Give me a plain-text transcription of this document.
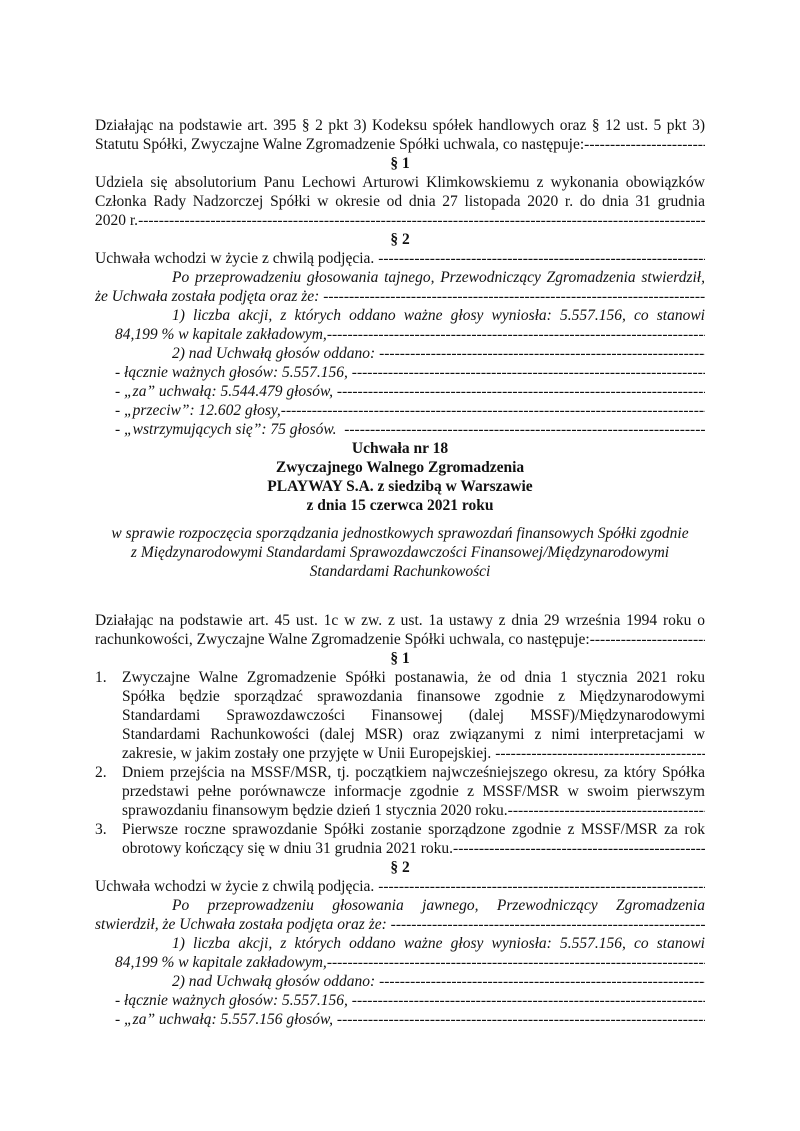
Działając na podstawie art. 395 § 2 pkt 3) Kodeksu spółek handlowych oraz § 12 ust. 5 pkt 3)
Statutu Spółki, Zwyczajne Walne Zgromadzenie Spółki uchwala, co następuje:
-----
§ 1
Udziela się absolutorium Panu Lechowi Arturowi Klimkowskiemu z wykonania obowiązków
Członka Rady Nadzorczej Spółki w okresie od dnia 27 listopada 2020 r. do dnia 31 grudnia
2020 r.
-----
§ 2
Uchwała wchodzi w życie z chwilą podjęcia.

-----
Po przeprowadzeniu głosowania tajnego, Przewodniczący Zgromadzenia stwierdził,
że Uchwała została podjęta oraz że:

-----
1) liczba akcji, z których oddano ważne głosy wyniosła: 5.557.156, co stanowi
84,199 % w kapitale zakładowym,
-----
2) nad Uchwałą głosów oddano:

-----
- łącznie ważnych głosów: 5.557.156,

-----
- „za” uchwałą: 5.544.479 głosów,

-----
- „przeciw”: 12.602 głosy,
-----
- „wstrzymujących się”: 75 głosów.

-----
Uchwała nr 18
Zwyczajnego Walnego Zgromadzenia
PLAYWAY S.A. z siedzibą w Warszawie
z dnia 15 czerwca 2021 roku
w sprawie rozpoczęcia sporządzania jednostkowych sprawozdań finansowych Spółki zgodnie
z Międzynarodowymi Standardami Sprawozdawczości Finansowej/Międzynarodowymi
Standardami Rachunkowości
Działając na podstawie art. 45 ust. 1c w zw. z ust. 1a ustawy z dnia 29 września 1994 roku o
rachunkowości, Zwyczajne Walne Zgromadzenie Spółki uchwala, co następuje:
-----
§ 1
1. Zwyczajne Walne Zgromadzenie Spółki postanawia, że od dnia 1 stycznia 2021 roku
Spółka będzie sporządzać sprawozdania finansowe zgodnie z Międzynarodowymi
Standardami Sprawozdawczości Finansowej (dalej MSSF)/Międzynarodowymi
Standardami Rachunkowości (dalej MSR) oraz związanymi z nimi interpretacjami w
zakresie, w jakim zostały one przyjęte w Unii Europejskiej.

-----
2. Dniem przejścia na MSSF/MSR, tj. początkiem najwcześniejszego okresu, za który Spółka
przedstawi pełne porównawcze informacje zgodnie z MSSF/MSR w swoim pierwszym
sprawozdaniu finansowym będzie dzień 1 stycznia 2020 roku.
-----
3. Pierwsze roczne sprawozdanie Spółki zostanie sporządzone zgodnie z MSSF/MSR za rok
obrotowy kończący się w dniu 31 grudnia 2021 roku.
-----
§ 2
Uchwała wchodzi w życie z chwilą podjęcia.

-----
Po przeprowadzeniu głosowania jawnego, Przewodniczący Zgromadzenia
stwierdził, że Uchwała została podjęta oraz że:

-----
1) liczba akcji, z których oddano ważne głosy wyniosła: 5.557.156, co stanowi
84,199 % w kapitale zakładowym,
-----
2) nad Uchwałą głosów oddano:

-----
- łącznie ważnych głosów: 5.557.156,

-----
- „za” uchwałą: 5.557.156 głosów,

-----
